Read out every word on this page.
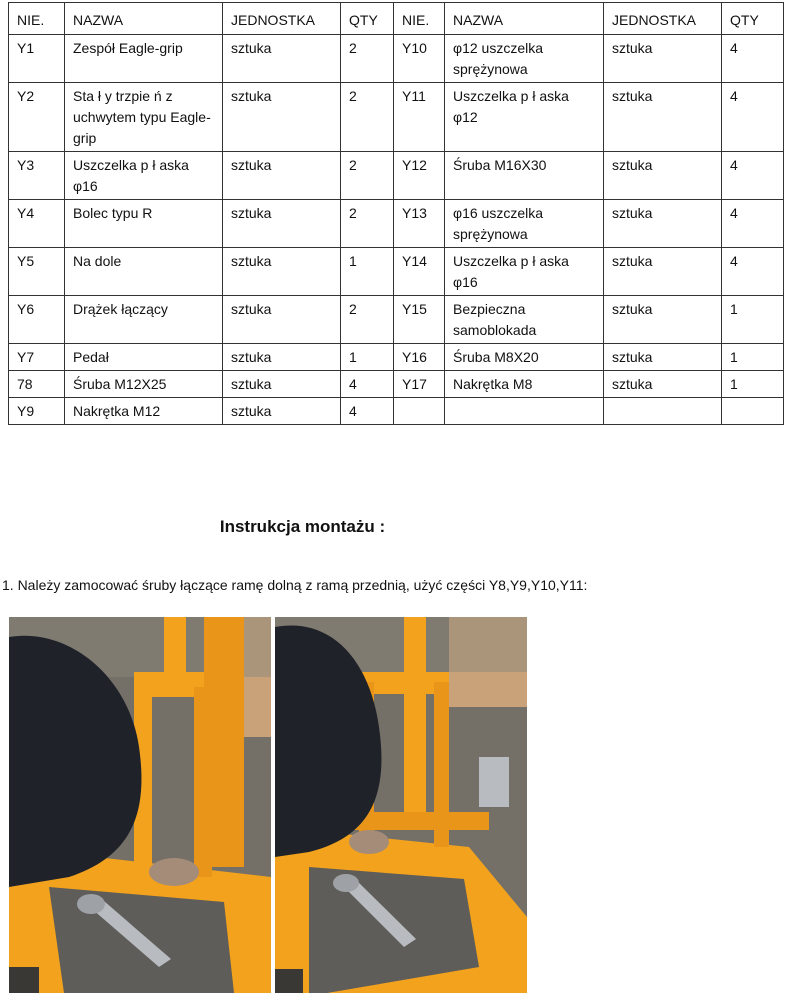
NIE.	NAZWA	JEDNOSTKA	QTY	NIE.	NAZWA	JEDNOSTKA	QTY
Y1	Zespół Eagle-grip	sztuka	2	Y10	φ12 uszczelka sprężynowa	sztuka	4
Y2	Sta ł y trzpie ń z uchwytem typu Eagle-grip	sztuka	2	Y11	Uszczelka p ł aska φ12	sztuka	4
Y3	Uszczelka p ł aska φ16	sztuka	2	Y12	Śruba M16X30	sztuka	4
Y4	Bolec typu R	sztuka	2	Y13	φ16 uszczelka sprężynowa	sztuka	4
Y5	Na dole	sztuka	1	Y14	Uszczelka p ł aska φ16	sztuka	4
Y6	Drążek łączący	sztuka	2	Y15	Bezpieczna samoblokada	sztuka	1
Y7	Pedał	sztuka	1	Y16	Śruba M8X20	sztuka	1
78	Śruba M12X25	sztuka	4	Y17	Nakrętka M8	sztuka	1
Y9	Nakrętka M12	sztuka	4				
Instrukcja montażu :
1. Należy zamocować śruby łączące ramę dolną z ramą przednią, użyć części Y8,Y9,Y10,Y11:
